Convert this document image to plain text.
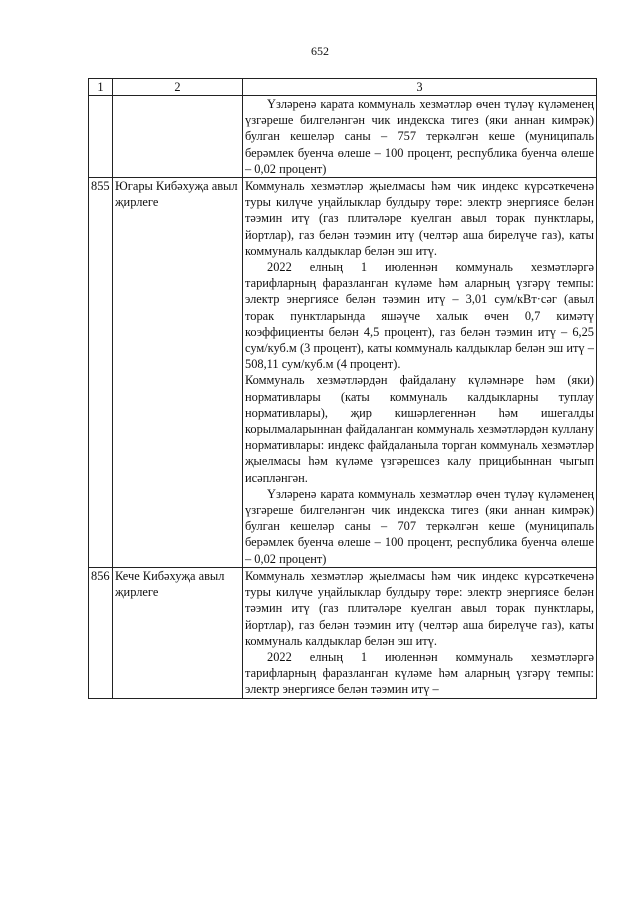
652
1	2	3

		Үзләренә карата коммуналь хезмәтләр өчен түләү күләменең үзгәреше билгеләнгән чик индекска тигез (яки аннан кимрәк) булган кешеләр саны – 757 теркәлгән кеше (муниципаль берәмлек буенча өлеше – 100 процент, республика буенча өлеше – 0,02 процент)

855	Югары Кибәхуҗа авыл җирлеге	Коммуналь хезмәтләр җыелмасы һәм чик индекс күрсәткеченә туры килүче уңайлыклар булдыру төре: электр энергиясе белән тәэмин итү (газ плитәләре куелган авыл торак пунктлары, йортлар), газ белән тәэмин итү (челтәр аша бирелүче газ), каты коммуналь калдыклар белән эш итү.
2022 елның 1 июленнән коммуналь хезмәтләргә тарифларның фаразланган күләме һәм аларның үзгәрү темпы: электр энергиясе белән тәэмин итү – 3,01 сум/кВт·сәг (авыл торак пунктларында яшәүче халык өчен 0,7 кимәтү коэффициенты белән 4,5 процент), газ белән тәэмин итү – 6,25 сум/куб.м (3 процент), каты коммуналь калдыклар белән эш итү – 508,11 сум/куб.м (4 процент).
Коммуналь хезмәтләрдән файдалану күләмнәре һәм (яки) нормативлары (каты коммуналь калдыкларны туплау нормативлары), җир кишәрлегеннән һәм ишегалды корылмаларыннан файдаланган коммуналь хезмәтләрдән куллану нормативлары: индекс файдаланыла торган коммуналь хезмәтләр җыелмасы һәм күләме үзгәрешсез калу прицибыннан чыгып исәпләнгән.
Үзләренә карата коммуналь хезмәтләр өчен түләү күләменең үзгәреше билгеләнгән чик индекска тигез (яки аннан кимрәк) булган кешеләр саны – 707 теркәлгән кеше (муниципаль берәмлек буенча өлеше – 100 процент, республика буенча өлеше – 0,02 процент)

856	Кече Кибәхуҗа авыл җирлеге	Коммуналь хезмәтләр җыелмасы һәм чик индекс күрсәткеченә туры килүче уңайлыклар булдыру төре: электр энергиясе белән тәэмин итү (газ плитәләре куелган авыл торак пунктлары, йортлар), газ белән тәэмин итү (челтәр аша бирелүче газ), каты коммуналь калдыклар белән эш итү.
2022 елның 1 июленнән коммуналь хезмәтләргә тарифларның фаразланган күләме һәм аларның үзгәрү темпы: электр энергиясе белән тәэмин итү –
